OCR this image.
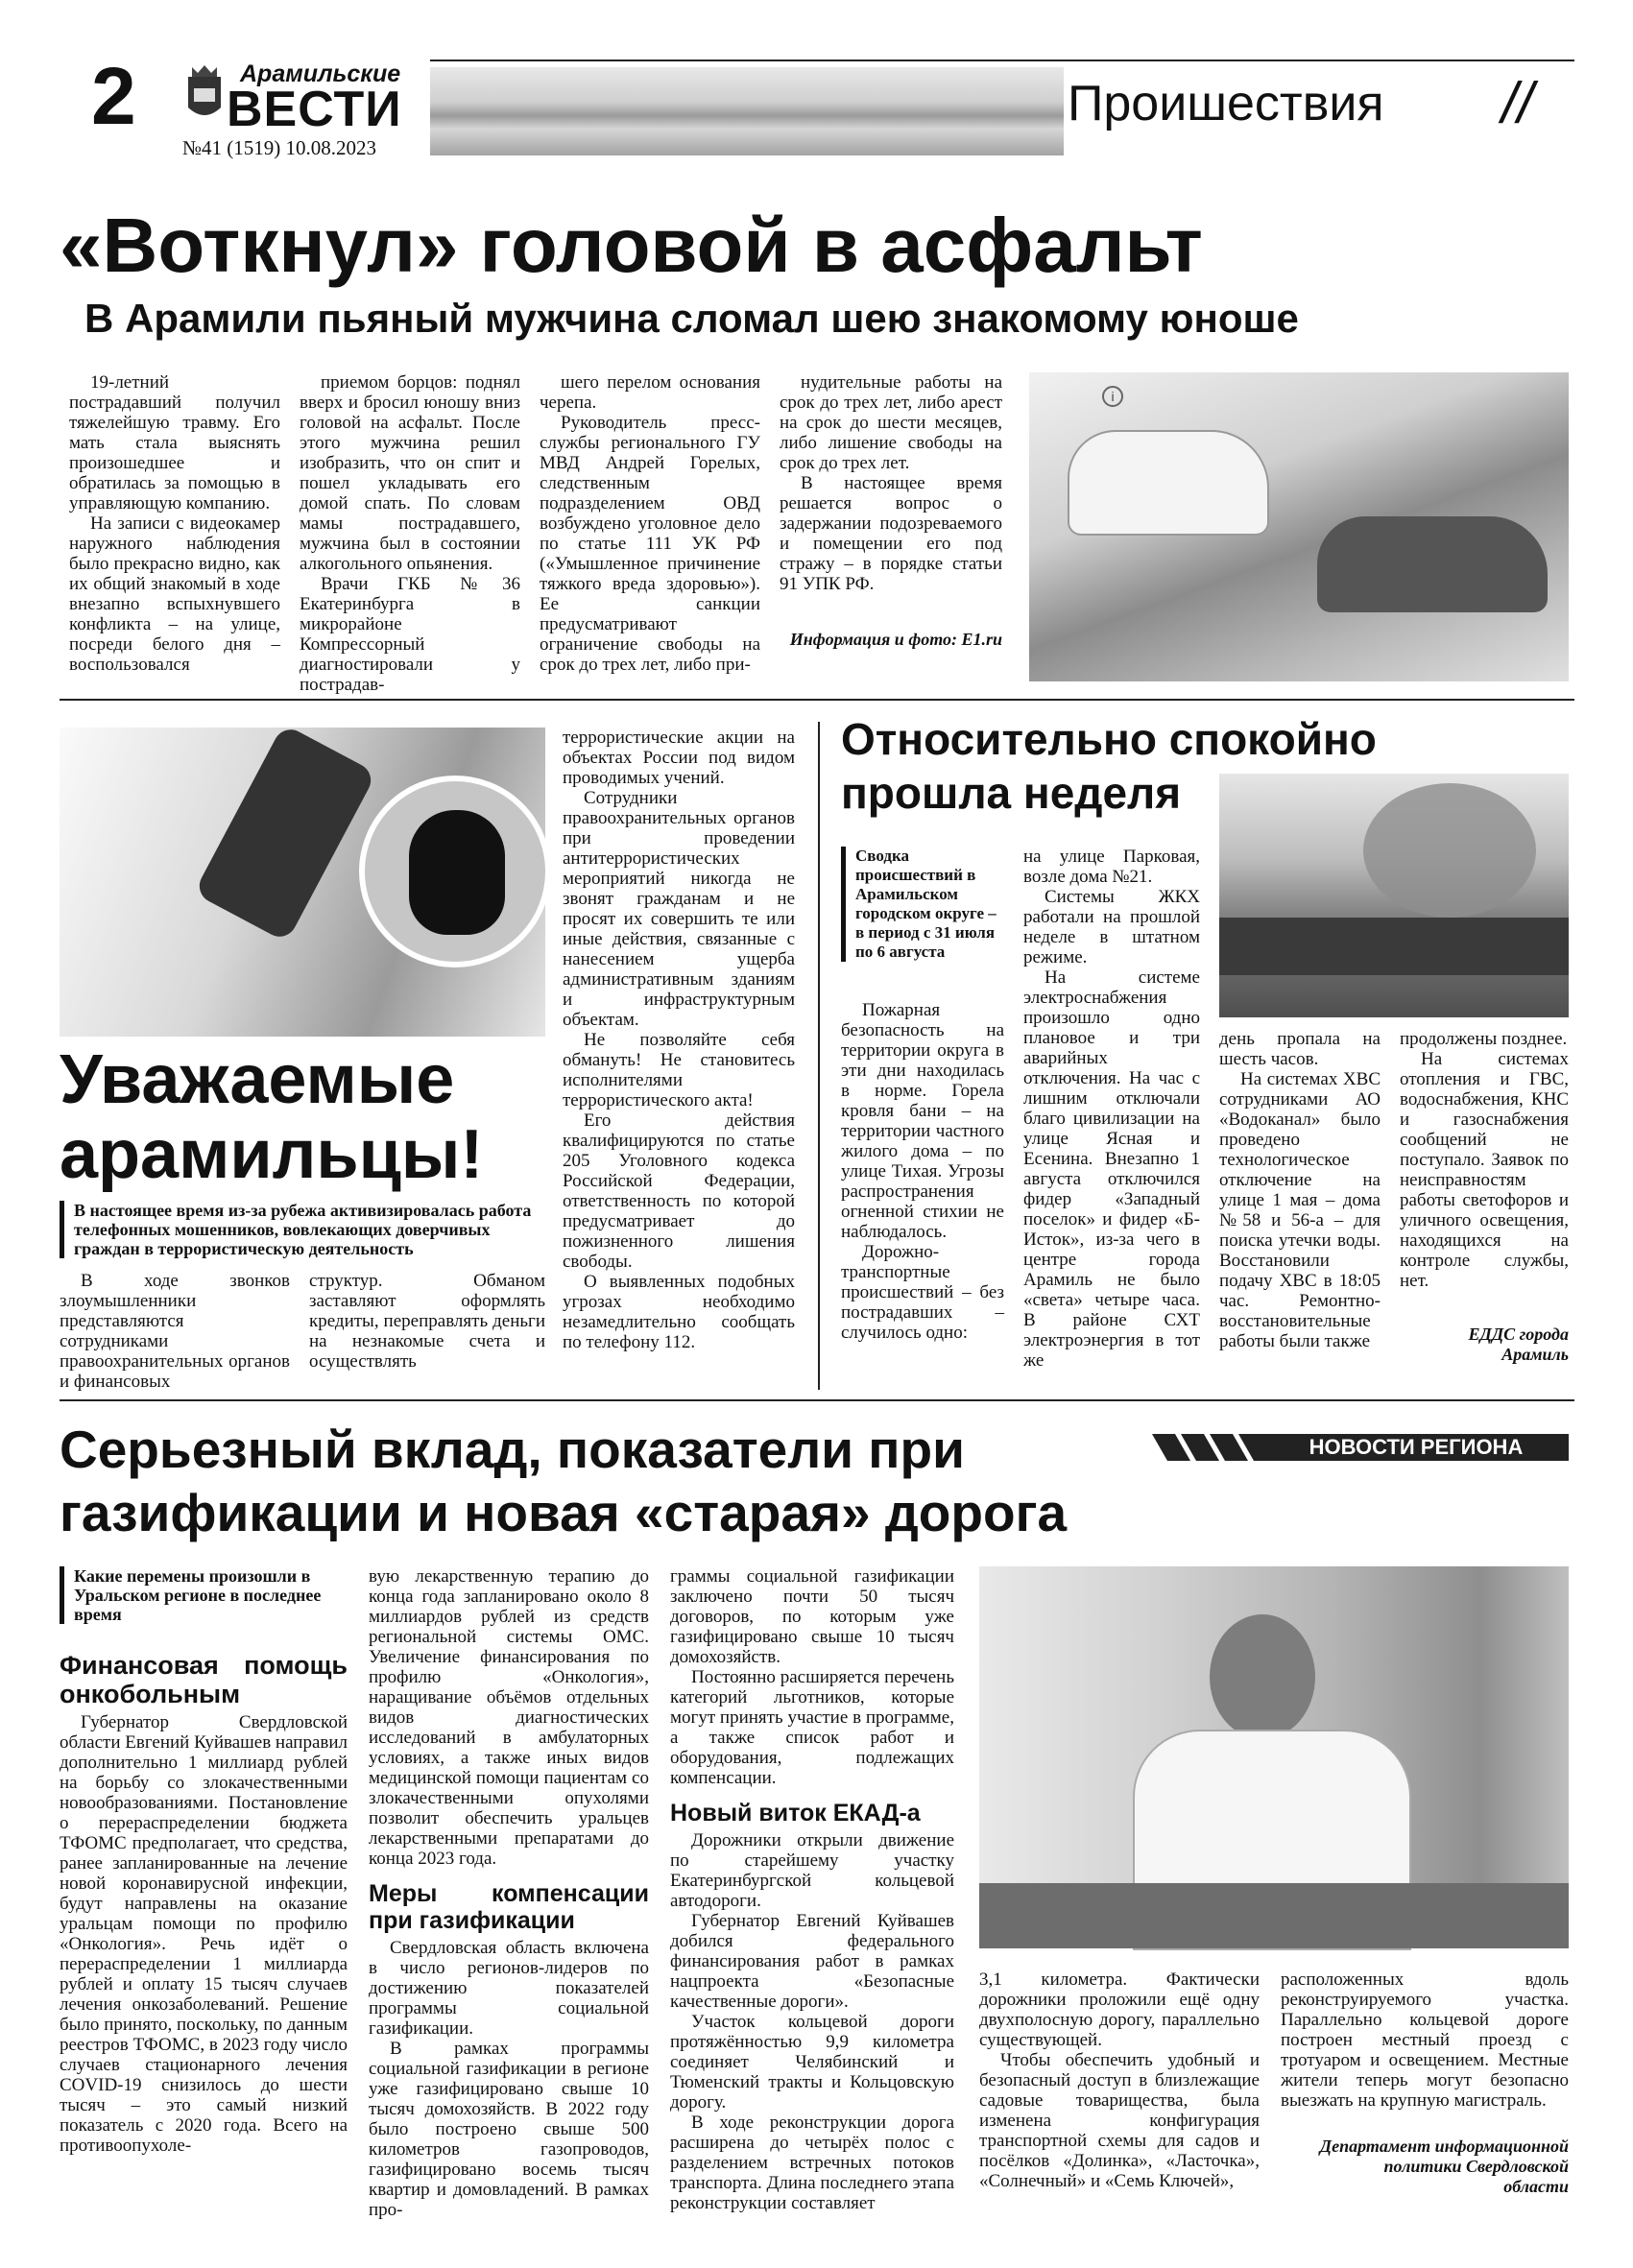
2	Арамильские
ВЕСТИ
№41 (1519) 10.08.2023
Проишествия //
«Воткнул» головой в асфальт
В Арамили пьяный мужчина сломал шею знакомому юноше

19-летний пострадавший получил тяжелейшую травму. Его мать стала выяснять произошедшее и обратилась за помощью в управляющую компанию.

На записи с видеокамер наружного наблюдения было прекрасно видно, как их общий знакомый в ходе внезапно вспыхнувшего конфликта – на улице, посреди белого дня – воспользовался

приемом борцов: поднял вверх и бросил юношу вниз головой на асфальт. После этого мужчина решил изобразить, что он спит и пошел укладывать его домой спать. По словам мамы пострадавшего, мужчина был в состоянии алкогольного опьянения.

Врачи ГКБ №36 Екатеринбурга в микрорайоне Компрессорный диагностировали у пострадав-

шего перелом основания черепа.

Руководитель пресс-службы регионального ГУ МВД Андрей Горелых, следственным подразделением ОВД возбуждено уголовное дело по статье 111 УК РФ («Умышленное причинение тяжкого вреда здоровью»). Ее санкции предусматривают ограничение свободы на срок до трех лет, либо при-

нудительные работы на срок до трех лет, либо арест на срок до шести месяцев, либо лишение свободы на срок до трех лет.

В настоящее время решается вопрос о задержании подозреваемого и помещении его под стражу – в порядке статьи 91 УПК РФ.

Информация и фото: E1.ru
i
Уважаемые
арамильцы!
В настоящее время из-за рубежа активизировалась работа телефонных мошенников, вовлекающих доверчивых граждан в террористическую деятельность

В ходе звонков злоумышленники представляются сотрудниками правоохранительных органов и финансовых

структур. Обманом заставляют оформлять кредиты, переправлять деньги на незнакомые счета и осуществлять

террористические акции на объектах России под видом проводимых учений.

Сотрудники правоохранительных органов при проведении антитеррористических мероприятий никогда не звонят гражданам и не просят их совершить те или иные действия, связанные с нанесением ущерба административным зданиям и инфраструктурным объектам.

Не позволяйте себя обмануть! Не становитесь исполнителями террористического акта!

Его действия квалифицируются по статье 205 Уголовного кодекса Российской Федерации, ответственность по которой предусматривает до пожизненного лишения свободы.

О выявленных подобных угрозах необходимо незамедлительно сообщать по телефону 112.

Относительно спокойно
прошла неделя
Сводка происшествий в Арамильском городском округе – в период с 31 июля по 6 августа

Пожарная безопасность на территории округа в эти дни находилась в норме. Горела кровля бани – на территории частного жилого дома – по улице Тихая. Угрозы распространения огненной стихии не наблюдалось.

Дорожно-транспортные происшествий – без пострадавших – случилось одно:

на улице Парковая, возле дома №21.

Системы ЖКХ работали на прошлой неделе в штатном режиме.

На системе электроснабжения произошло одно плановое и три аварийных отключения. На час с лишним отключали благо цивилизации на улице Ясная и Есенина. Внезапно 1 августа отключился фидер «Западный поселок» и фидер «Б-Исток», из-за чего в центре города Арамиль не было «света» четыре часа. В районе СХТ электроэнергия в тот же

день пропала на шесть часов.

На системах ХВС сотрудниками АО «Водоканал» было проведено технологическое отключение на улице 1 мая – дома №58 и 56-а – для поиска утечки воды. Восстановили подачу ХВС в 18:05 час. Ремонтно-восстановительные работы были также

продолжены позднее.

На системах отопления и ГВС, водоснабжения, КНС и газоснабжения сообщений не поступало. Заявок по неисправностям работы светофоров и уличного освещения, находящихся на контроле службы, нет.

ЕДДС города Арамиль
Серьезный вклад, показатели при
газификации и новая «старая» дорога
НОВОСТИ РЕГИОНА
Какие перемены произошли в Уральском регионе в последнее время
Финансовая помощь онкобольным

Губернатор Свердловской области Евгений Куйвашев направил дополнительно 1 миллиард рублей на борьбу со злокачественными новообразованиями. Постановление о перераспределении бюджета ТФОМС предполагает, что средства, ранее запланированные на лечение новой коронавирусной инфекции, будут направлены на оказание уральцам помощи по профилю «Онкология». Речь идёт о перераспределении 1 миллиарда рублей и оплату 15 тысяч случаев лечения онкозаболеваний. Решение было принято, поскольку, по данным реестров ТФОМС, в 2023 году число случаев стационарного лечения COVID-19 снизилось до шести тысяч – это самый низкий показатель с 2020 года. Всего на противоопухоле-

вую лекарственную терапию до конца года запланировано около 8 миллиардов рублей из средств региональной системы ОМС. Увеличение финансирования по профилю «Онкология», наращивание объёмов отдельных видов диагностических исследований в амбулаторных условиях, а также иных видов медицинской помощи пациентам со злокачественными опухолями позволит обеспечить уральцев лекарственными препаратами до конца 2023 года.

Меры компенсации при газификации

Свердловская область включена в число регионов-лидеров по достижению показателей программы социальной газификации.

В рамках программы социальной газификации в регионе уже газифицировано свыше 10 тысяч домохозяйств. В 2022 году было построено свыше 500 километров газопроводов, газифицировано восемь тысяч квартир и домовладений. В рамках про-

граммы социальной газификации заключено почти 50 тысяч договоров, по которым уже газифицировано свыше 10 тысяч домохозяйств.

Постоянно расширяется перечень категорий льготников, которые могут принять участие в программе, а также список работ и оборудования, подлежащих компенсации.

Новый виток ЕКАД-а

Дорожники открыли движение по старейшему участку Екатеринбургской кольцевой автодороги.

Губернатор Евгений Куйвашев добился федерального финансирования работ в рамках нацпроекта «Безопасные качественные дороги».

Участок кольцевой дороги протяжённостью 9,9 километра соединяет Челябинский и Тюменский тракты и Кольцовскую дорогу.

В ходе реконструкции дорога расширена до четырёх полос с разделением встречных потоков транспорта. Длина последнего этапа реконструкции составляет

3,1 километра. Фактически дорожники проложили ещё одну двухполосную дорогу, параллельно существующей.

Чтобы обеспечить удобный и безопасный доступ в близлежащие садовые товарищества, была изменена конфигурация транспортной схемы для садов и посёлков «Долинка», «Ласточка», «Солнечный» и «Семь Ключей»,

расположенных вдоль реконструируемого участка. Параллельно кольцевой дороге построен местный проезд с тротуаром и освещением. Местные жители теперь могут безопасно выезжать на крупную магистраль.

Департамент информационной политики Свердловской области
